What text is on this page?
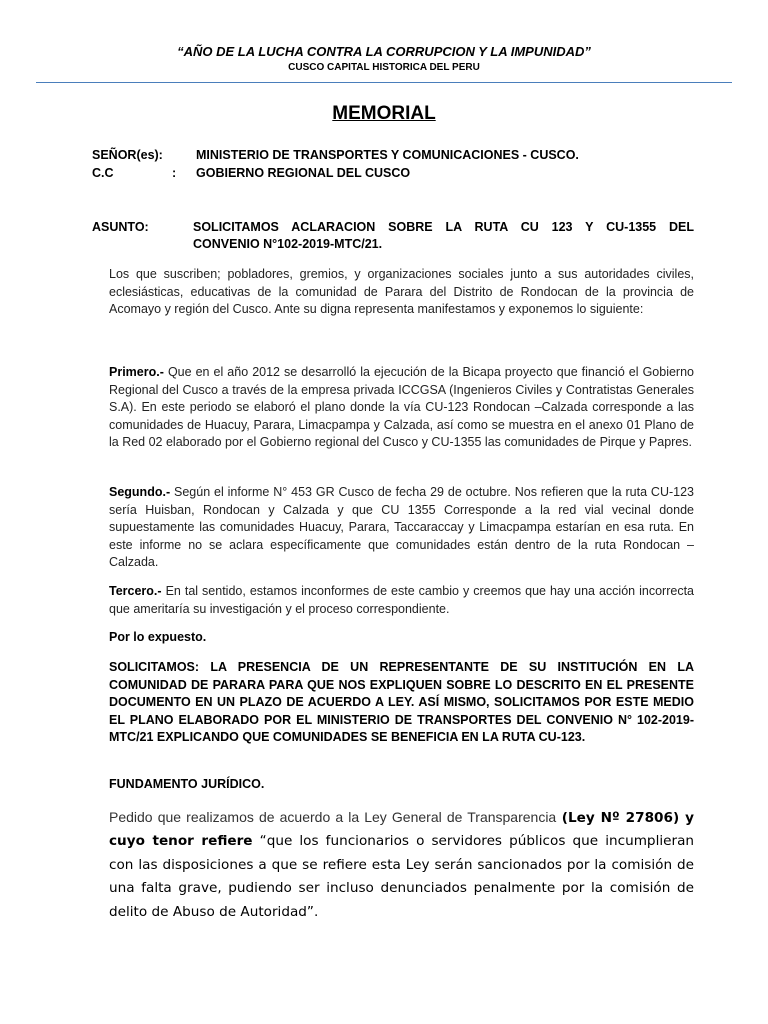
“AÑO DE LA LUCHA CONTRA LA CORRUPCION Y LA IMPUNIDAD”
CUSCO CAPITAL HISTORICA DEL PERU
MEMORIAL
SEÑOR(es):	MINISTERIO DE TRANSPORTES Y COMUNICACIONES - CUSCO.
C.C	: GOBIERNO REGIONAL DEL CUSCO
ASUNTO:	SOLICITAMOS ACLARACION SOBRE LA RUTA CU 123 Y CU-1355 DEL
CONVENIO N°102-2019-MTC/21.
Los que suscriben; pobladores, gremios, y organizaciones sociales junto a sus autoridades civiles, eclesiásticas, educativas de la comunidad de Parara del Distrito de Rondocan de la provincia de Acomayo y región del Cusco. Ante su digna representa manifestamos y exponemos lo siguiente:
Primero.- Que en el año 2012 se desarrolló la ejecución de la Bicapa proyecto que financió el Gobierno Regional del Cusco a través de la empresa privada ICCGSA (Ingenieros Civiles y Contratistas Generales S.A). En este periodo se elaboró el plano donde la vía CU-123 Rondocan –Calzada corresponde a las comunidades de Huacuy, Parara, Limacpampa y Calzada, así como se muestra en el anexo 01 Plano de la Red 02 elaborado por el Gobierno regional del Cusco y CU-1355 las comunidades de Pirque y Papres.
Segundo.- Según el informe N° 453 GR Cusco de fecha 29 de octubre. Nos refieren que la ruta CU-123 sería Huisban, Rondocan y Calzada y que CU 1355 Corresponde a la red vial vecinal donde supuestamente las comunidades Huacuy, Parara, Taccaraccay y Limacpampa estarían en esa ruta. En este informe no se aclara específicamente que comunidades están dentro de la ruta Rondocan –Calzada.
Tercero.- En tal sentido, estamos inconformes de este cambio y creemos que hay una acción incorrecta que ameritaría su investigación y el proceso correspondiente.
Por lo expuesto.
SOLICITAMOS: LA PRESENCIA DE UN REPRESENTANTE DE SU INSTITUCIÓN EN LA COMUNIDAD DE PARARA PARA QUE NOS EXPLIQUEN SOBRE LO DESCRITO EN EL PRESENTE DOCUMENTO EN UN PLAZO DE ACUERDO A LEY. ASÍ MISMO, SOLICITAMOS POR ESTE MEDIO EL PLANO ELABORADO POR EL MINISTERIO DE TRANSPORTES DEL CONVENIO N° 102-2019-MTC/21 EXPLICANDO QUE COMUNIDADES SE BENEFICIA EN LA RUTA CU-123.
FUNDAMENTO JURÍDICO.
Pedido que realizamos de acuerdo a la Ley General de Transparencia (Ley Nº 27806) y cuyo tenor refiere “que los funcionarios o servidores públicos que incumplieran con las disposiciones a que se refiere esta Ley serán sancionados por la comisión de una falta grave, pudiendo ser incluso denunciados penalmente por la comisión de delito de Abuso de Autoridad”.
